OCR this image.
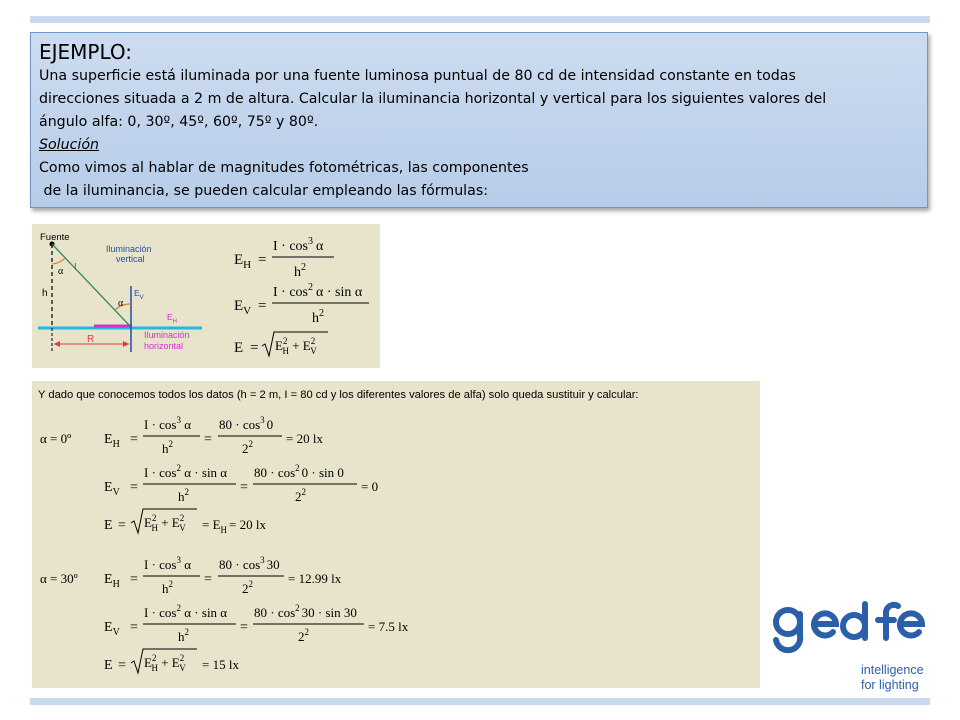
EJEMPLO:
Una superficie está iluminada por una fuente luminosa puntual de 80 cd de intensidad constante en todas
direcciones situada a 2 m de altura. Calcular la iluminancia horizontal y vertical para los siguientes valores del
ángulo alfa: 0, 30º, 45º, 60º, 75º y 80º.
Solución
Como vimos al hablar de magnitudes fotométricas, las componentes
de la iluminancia, se pueden calcular empleando las fórmulas:
Fuente
I
α
h
Iluminación
vertical
α
$E_V$
$E_H$
Iluminación
horizontal
R
$E_H$ =
$I \cdot \cos^3 \alpha$
$h^2$
$E_V$ =
$I \cdot \cos^2 \alpha \cdot \sin \alpha$
$h^2$
$E = E^2$ $H + E^2$ V
Y dado que conocemos todos los datos (h = 2 m, I = 80 cd y los diferentes valores de alfa) solo queda sustituir y calcular:
α = 0º $E_H$ =
$I \cdot \cos^3 \alpha$
$h^2$ =
$80 \cdot \cos^3 0$
$2^2$	= 20 lx
$E_V$ =
$I \cdot \cos^2 \alpha \cdot \sin \alpha$
$h^2$	=
$80 \cdot \cos^2 0 \cdot \sin 0$
$2^2$	= 0
$E = E^2$ $H + E^2$ $V = E_H = 20$ lx
α = 30º $E_H$ =
$I \cdot \cos^3 \alpha$
$h^2$ =
$80 \cdot \cos^3 30$
$2^2$	= 12.99 lx
$E_V$ =
$I \cdot \cos^2 \alpha \cdot \sin \alpha$
$h^2$	=
$80 \cdot \cos^2 30 \cdot \sin 30$
$2^2$	= 7.5 lx
$E = E^2$ $H + E^2$ V = 15 lx	intelligence
for lighting
